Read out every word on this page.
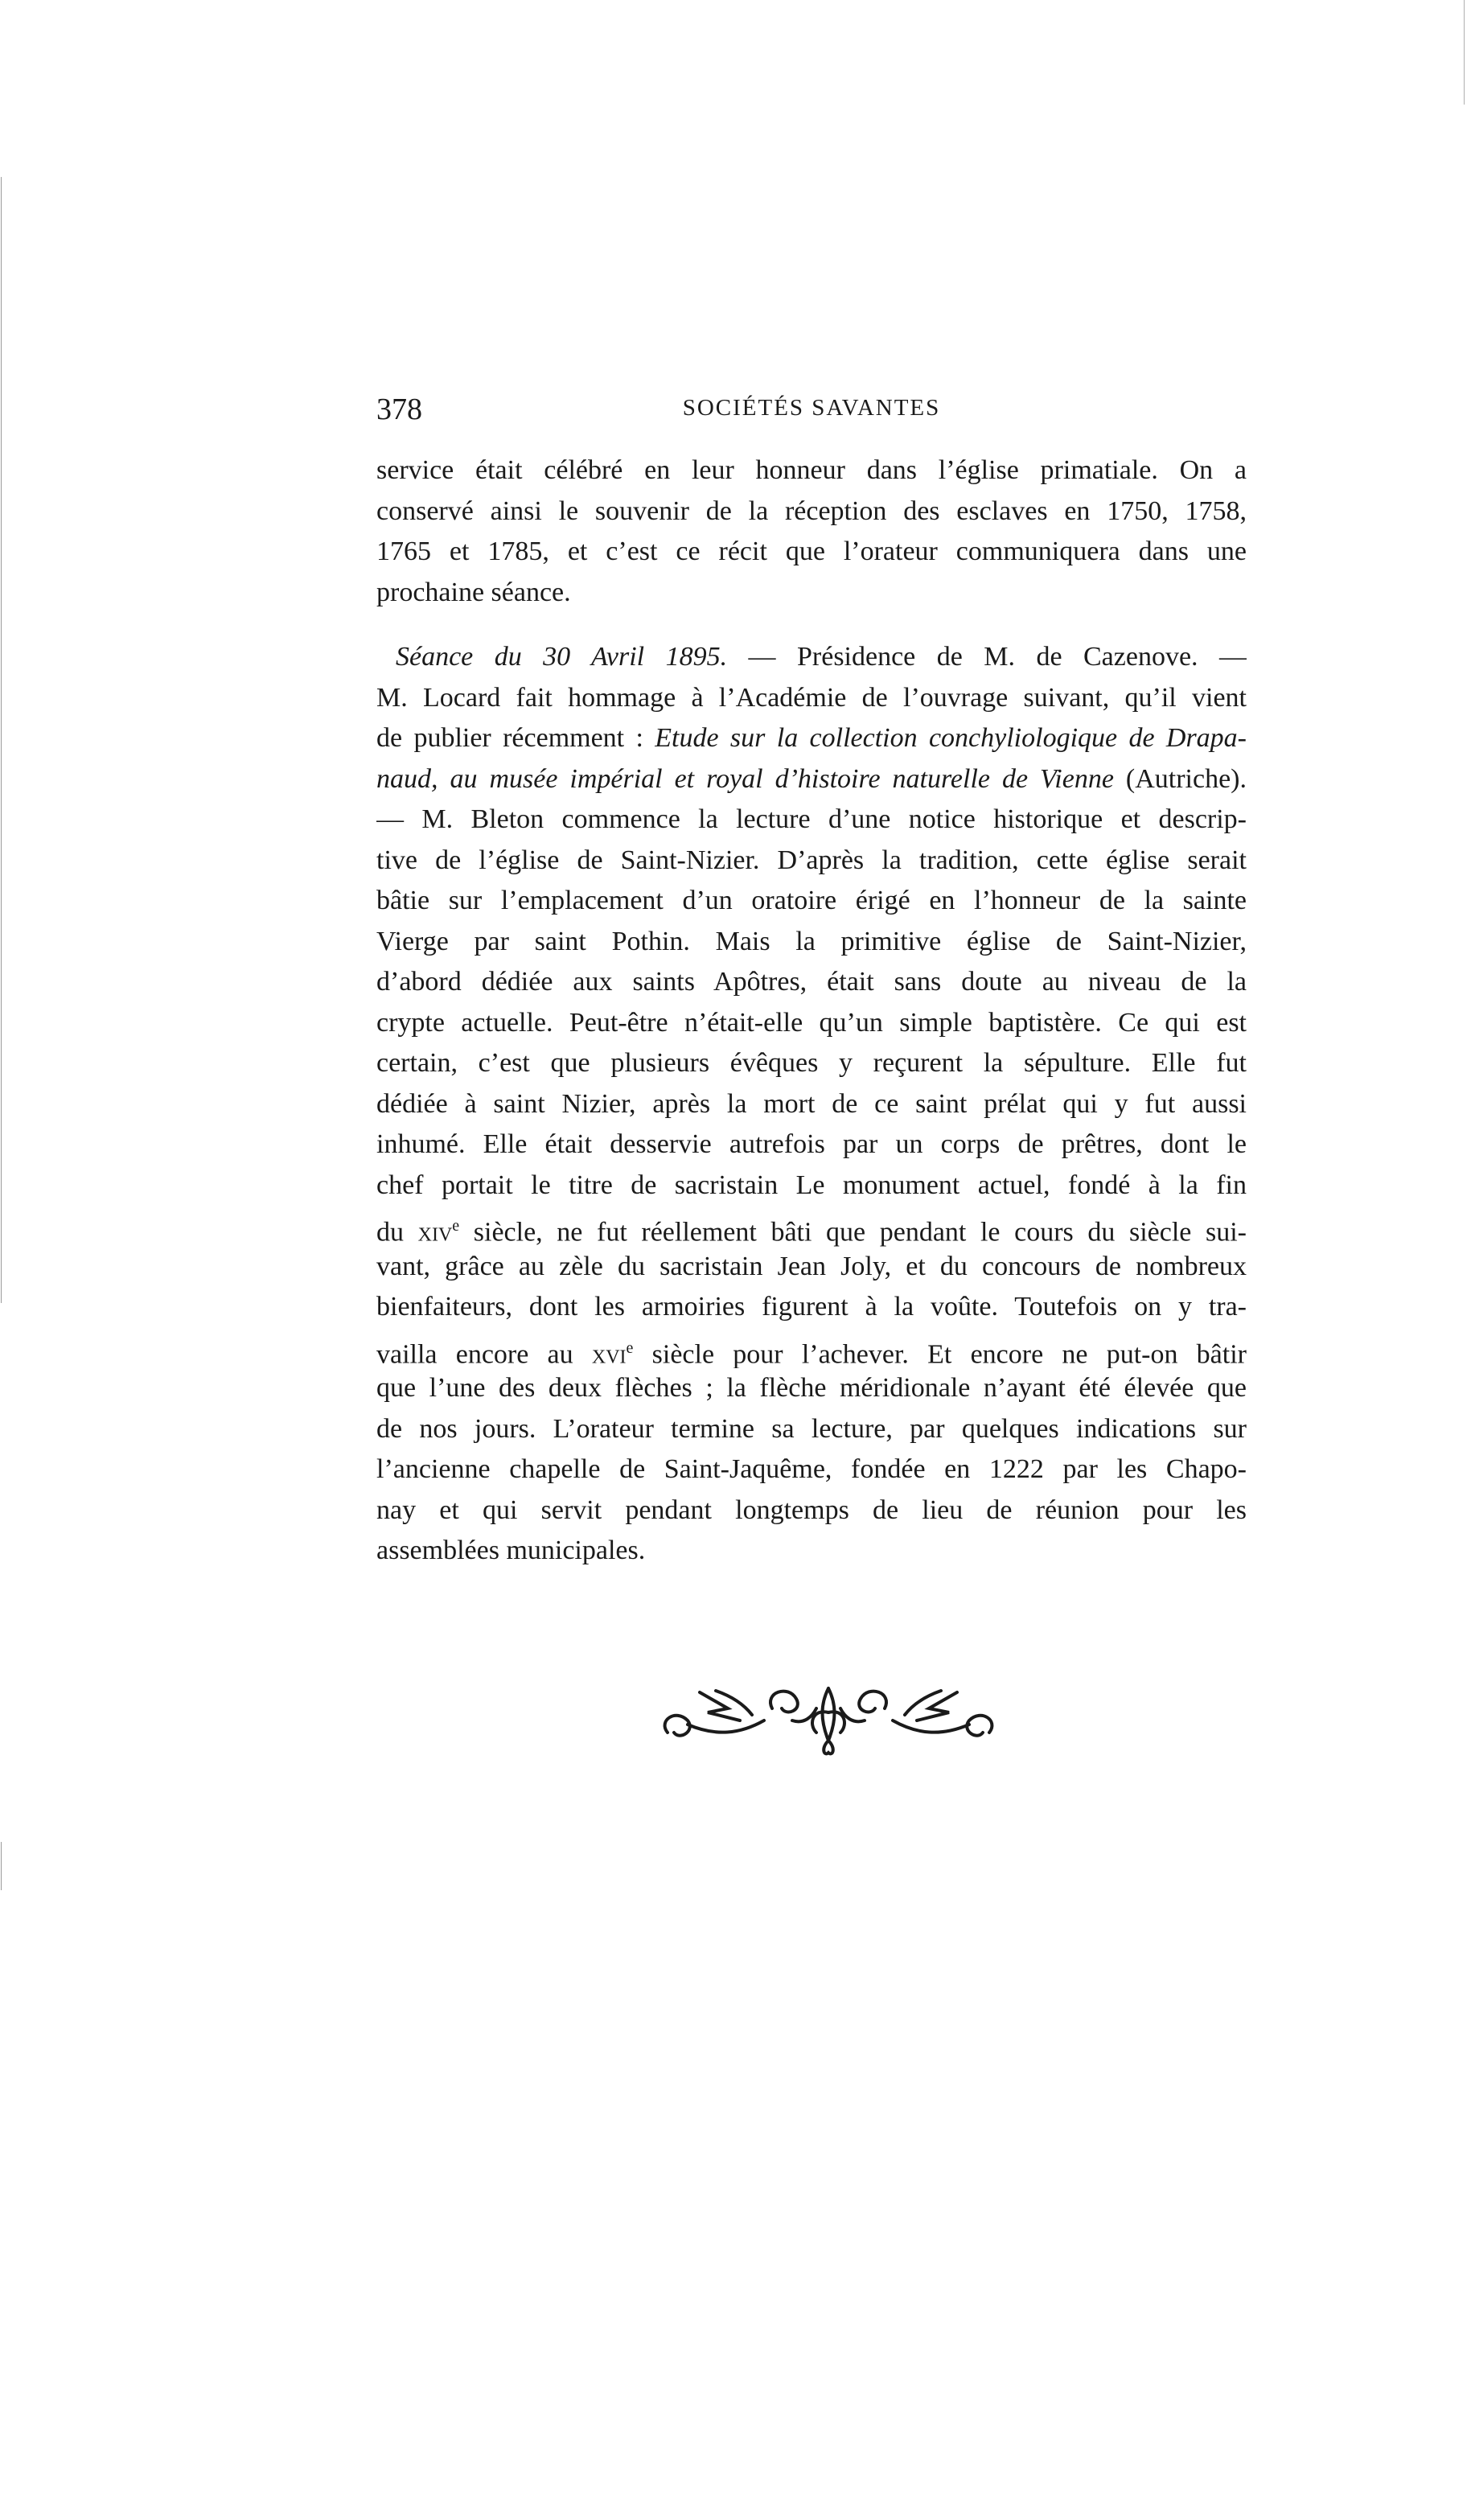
378	SOCIÉTÉS SAVANTES
service était célébré en leur honneur dans l’église primatiale. On a
conservé ainsi le souvenir de la réception des esclaves en 1750, 1758,
1765 et 1785, et c’est ce récit que l’orateur communiquera dans une
prochaine séance.
Séance du 30 Avril 1895. — Présidence de M. de Cazenove. —
M. Locard fait hommage à l’Académie de l’ouvrage suivant, qu’il vient
de publier récemment : Etude sur la collection conchyliologique de Drapa-
naud, au musée impérial et royal d’histoire naturelle de Vienne (Autriche).
— M. Bleton commence la lecture d’une notice historique et descrip-
tive de l’église de Saint-Nizier. D’après la tradition, cette église serait
bâtie sur l’emplacement d’un oratoire érigé en l’honneur de la sainte
Vierge par saint Pothin. Mais la primitive église de Saint-Nizier,
d’abord dédiée aux saints Apôtres, était sans doute au niveau de la
crypte actuelle. Peut-être n’était-elle qu’un simple baptistère. Ce qui est
certain, c’est que plusieurs évêques y reçurent la sépulture. Elle fut
dédiée à saint Nizier, après la mort de ce saint prélat qui y fut aussi
inhumé. Elle était desservie autrefois par un corps de prêtres, dont le
chef portait le titre de sacristain Le monument actuel, fondé à la fin
du xiv$^e$ siècle, ne fut réellement bâti que pendant le cours du siècle sui-
vant, grâce au zèle du sacristain Jean Joly, et du concours de nombreux
bienfaiteurs, dont les armoiries figurent à la voûte. Toutefois on y tra-
vailla encore au xvi$^e$ siècle pour l’achever. Et encore ne put-on bâtir
que l’une des deux flèches ; la flèche méridionale n’ayant été élevée que
de nos jours. L’orateur termine sa lecture, par quelques indications sur
l’ancienne chapelle de Saint-Jaquême, fondée en 1222 par les Chapo-
nay et qui servit pendant longtemps de lieu de réunion pour les
assemblées municipales.
